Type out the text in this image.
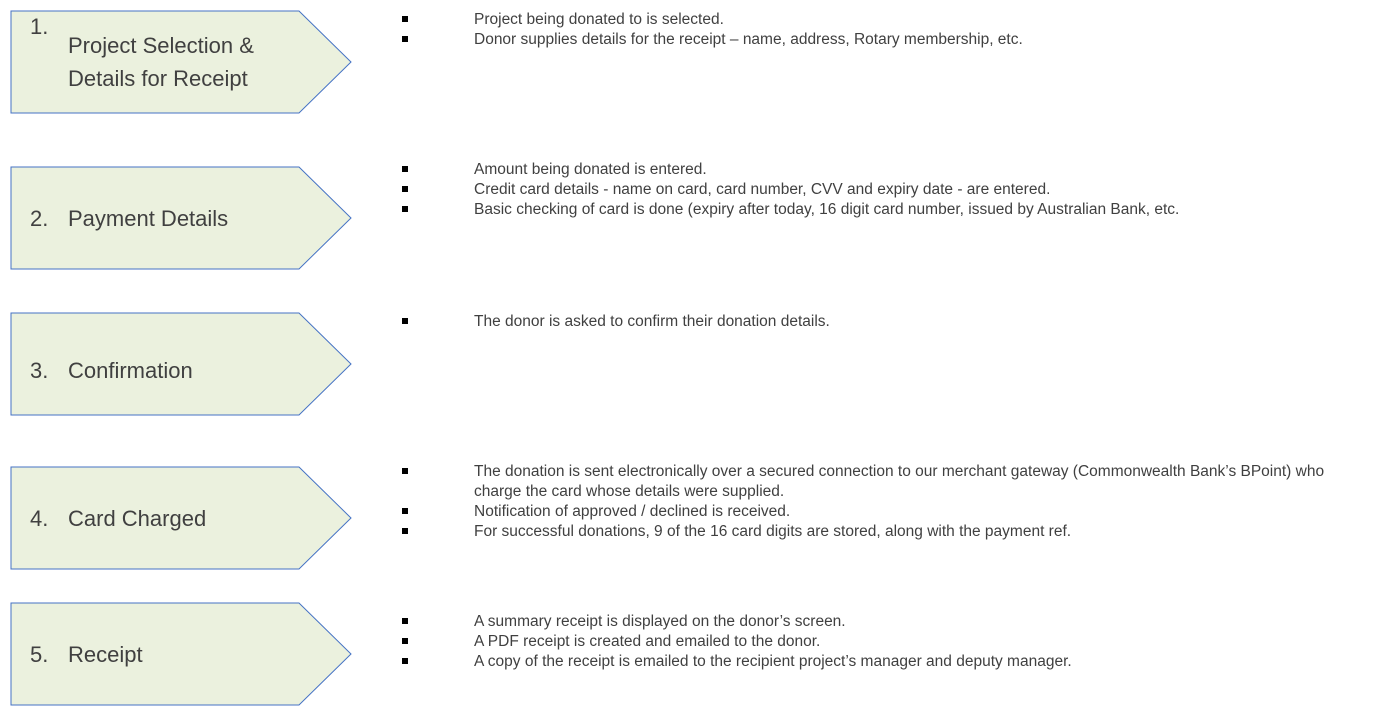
1.
Project Selection &
Details for Receipt
Project being donated to is selected.
Donor supplies details for the receipt – name, address, Rotary membership, etc.
2. Payment Details
Amount being donated is entered.
Credit card details - name on card, card number, CVV and expiry date - are entered.
Basic checking of card is done (expiry after today, 16 digit card number, issued by Australian Bank, etc.
3. Confirmation
The donor is asked to confirm their donation details.
4. Card Charged
The donation is sent electronically over a secured connection to our merchant gateway (Commonwealth Bank’s BPoint) who charge the card whose details were supplied.
Notification of approved / declined is received.
For successful donations, 9 of the 16 card digits are stored, along with the payment ref.
5. Receipt
A summary receipt is displayed on the donor’s screen.
A PDF receipt is created and emailed to the donor.
A copy of the receipt is emailed to the recipient project’s manager and deputy manager.
